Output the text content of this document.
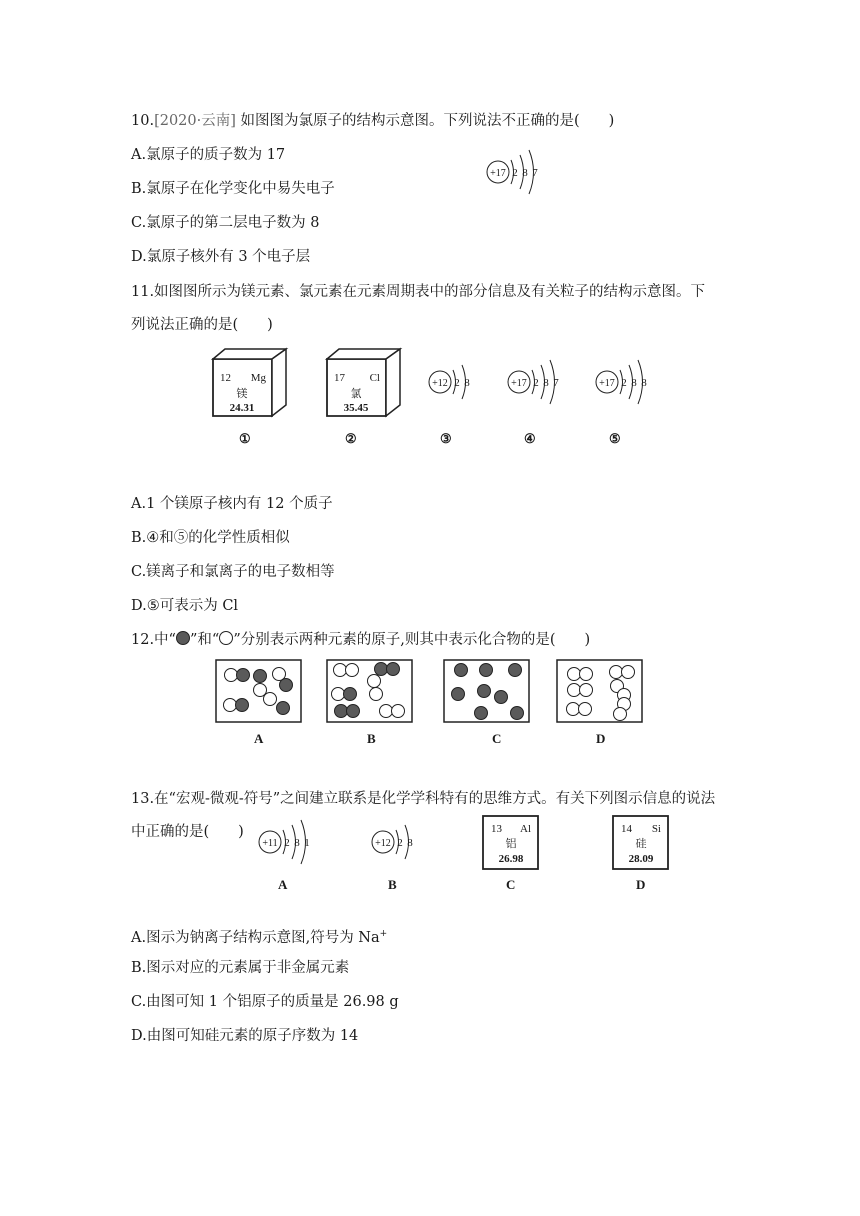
10.[2020·云南] 如图图为氯原子的结构示意图。下列说法不正确的是(　　)
A.氯原子的质子数为 17
B.氯原子在化学变化中易失电子
C.氯原子的第二层电子数为 8
D.氯原子核外有 3 个电子层
+17 2 8 7
11.如图图所示为镁元素、氯元素在元素周期表中的部分信息及有关粒子的结构示意图。下
列说法正确的是(　　)
12 Mg
镁
24.31
17 Cl
氯
35.45
+12 2 8	+17 2 8 7	+17 2 8 8
①	②	③	④	⑤
A.1 个镁原子核内有 12 个质子
B.④和⑤的化学性质相似
C.镁离子和氯离子的电子数相等
D.⑤可表示为 Cl
12.中“ ”和“ ”分别表示两种元素的原子,则其中表示化合物的是(　　)
A	B	C	D
13.在“宏观-微观-符号”之间建立联系是化学学科特有的思维方式。有关下列图示信息的说法
中正确的是(　　)
+11 2 8 1	+12 2 8
13 Al
铝
26.98
14 Si
硅
28.09
A	B	C	D
A.图示为钠离子结构示意图,符号为 Na+
B.图示对应的元素属于非金属元素
C.由图可知 1 个铝原子的质量是 26.98 g
D.由图可知硅元素的原子序数为 14
